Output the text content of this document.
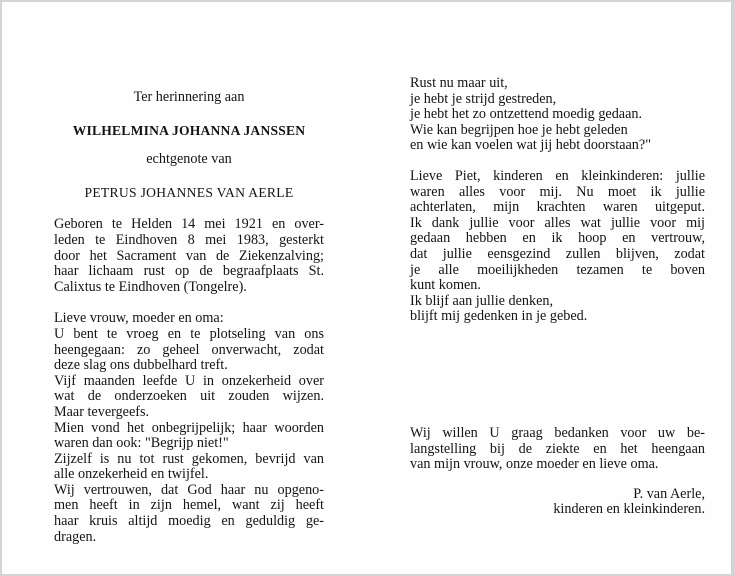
Ter herinnering aan
WILHELMINA JOHANNA JANSSEN
echtgenote van
PETRUS JOHANNES VAN AERLE
Geboren te Helden 14 mei 1921 en over-
leden te Eindhoven 8 mei 1983, gesterkt
door het Sacrament van de Ziekenzalving;
haar lichaam rust op de begraafplaats St.
Calixtus te Eindhoven (Tongelre).
Lieve vrouw, moeder en oma:
U bent te vroeg en te plotseling van ons
heengegaan: zo geheel onverwacht, zodat
deze slag ons dubbelhard treft.
Vijf maanden leefde U in onzekerheid over
wat de onderzoeken uit zouden wijzen.
Maar tevergeefs.
Mien vond het onbegrijpelijk; haar woorden
waren dan ook: "Begrijp niet!"
Zijzelf is nu tot rust gekomen, bevrijd van
alle onzekerheid en twijfel.
Wij vertrouwen, dat God haar nu opgeno-
men heeft in zijn hemel, want zij heeft
haar kruis altijd moedig en geduldig ge-
dragen.
Rust nu maar uit,
je hebt je strijd gestreden,
je hebt het zo ontzettend moedig gedaan.
Wie kan begrijpen hoe je hebt geleden
en wie kan voelen wat jij hebt doorstaan?"
Lieve Piet, kinderen en kleinkinderen: jullie
waren alles voor mij. Nu moet ik jullie
achterlaten, mijn krachten waren uitgeput.
Ik dank jullie voor alles wat jullie voor mij
gedaan hebben en ik hoop en vertrouw,
dat jullie eensgezind zullen blijven, zodat
je alle moeilijkheden tezamen te boven
kunt komen.
Ik blijf aan jullie denken,
blijft mij gedenken in je gebed.
Wij willen U graag bedanken voor uw be-
langstelling bij de ziekte en het heengaan
van mijn vrouw, onze moeder en lieve oma.
P. van Aerle,
kinderen en kleinkinderen.
